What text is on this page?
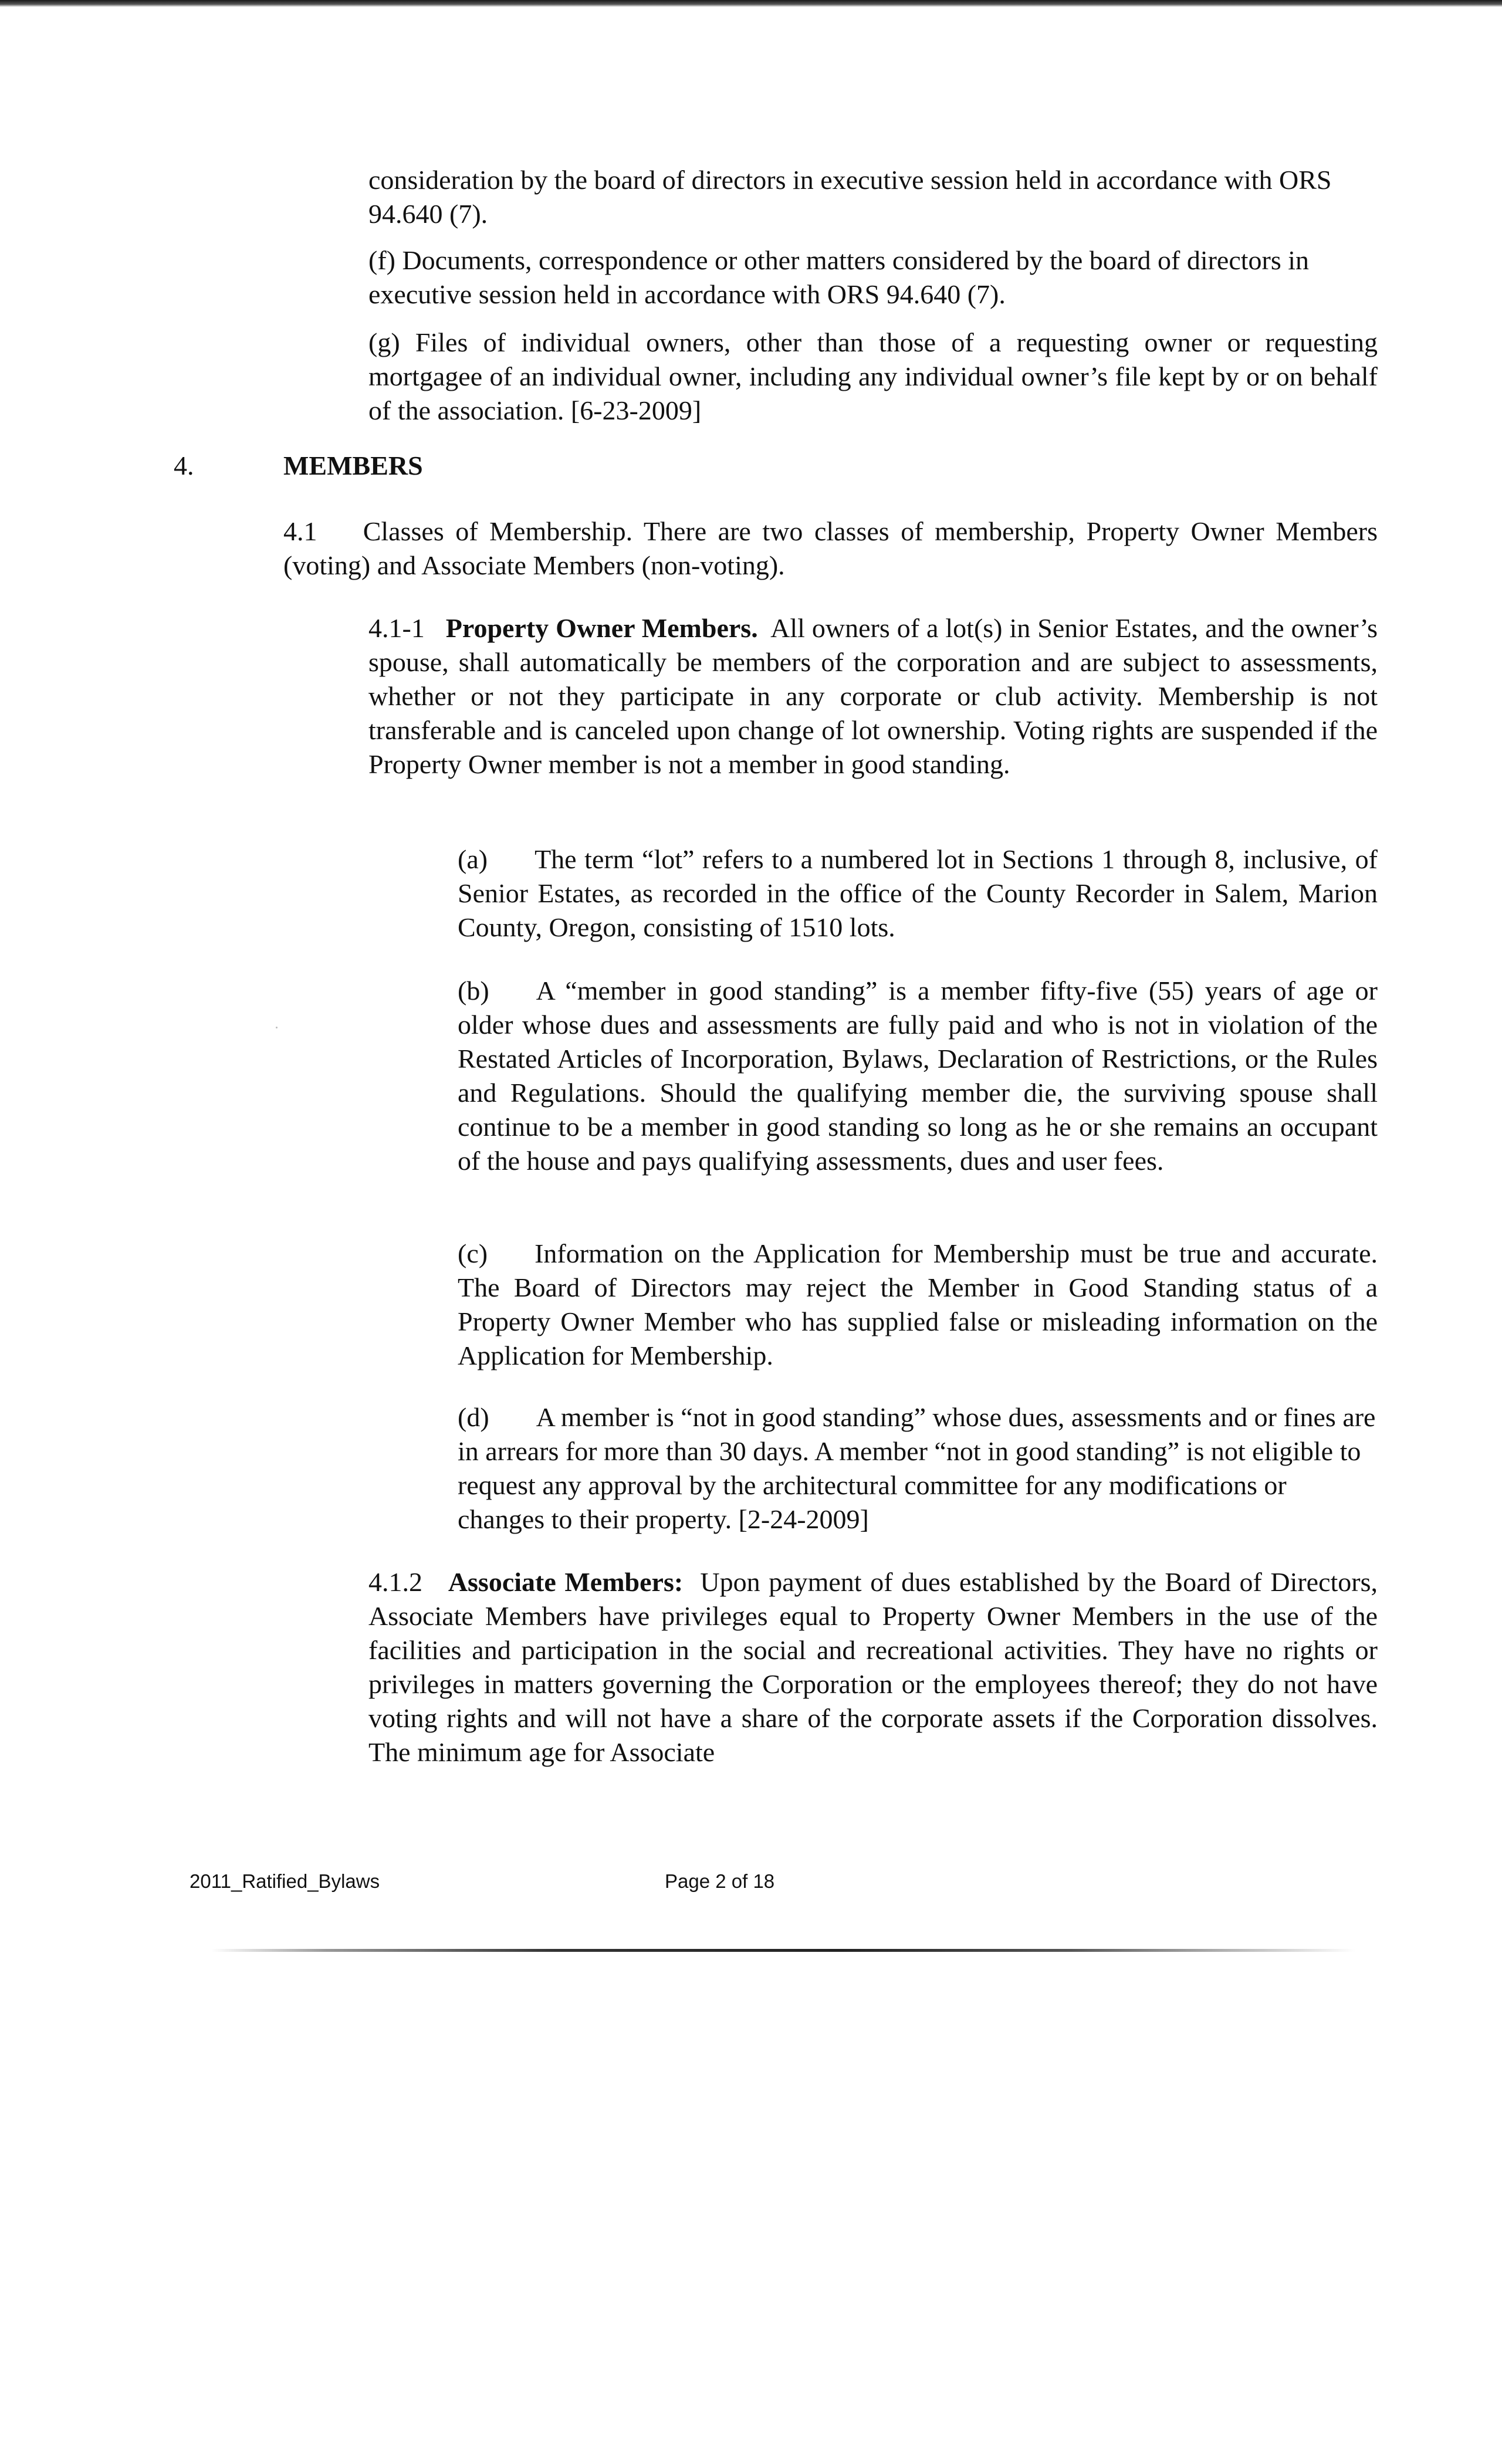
consideration by the board of directors in executive session held in accordance with ORS 94.640 (7).

(f) Documents, correspondence or other matters considered by the board of directors in executive session held in accordance with ORS 94.640 (7).

(g) Files of individual owners, other than those of a requesting owner or requesting mortgagee of an individual owner, including any individual owner’s file kept by or on behalf of the association. [6-23-2009]

4.	MEMBERS

4.1    Classes of Membership. There are two classes of membership, Property Owner Members (voting) and Associate Members (non-voting).

4.1-1 Property Owner Members. All owners of a lot(s) in Senior Estates, and the owner’s spouse, shall automatically be members of the corporation and are subject to assessments, whether or not they participate in any corporate or club activity. Membership is not transferable and is canceled upon change of lot ownership. Voting rights are suspended if the Property Owner member is not a member in good standing.

(a) The term “lot” refers to a numbered lot in Sections 1 through 8, inclusive, of Senior Estates, as recorded in the office of the County Recorder in Salem, Marion County, Oregon, consisting of 1510 lots.

(b) A “member in good standing” is a member fifty-five (55) years of age or older whose dues and assessments are fully paid and who is not in violation of the Restated Articles of Incorporation, Bylaws, Declaration of Restrictions, or the Rules and Regulations. Should the qualifying member die, the surviving spouse shall continue to be a member in good standing so long as he or she remains an occupant of the house and pays qualifying assessments, dues and user fees.

(c) Information on the Application for Membership must be true and accurate. The Board of Directors may reject the Member in Good Standing status of a Property Owner Member who has supplied false or misleading information on the Application for Membership.

(d) A member is “not in good standing” whose dues, assessments and or fines are in arrears for more than 30 days. A member “not in good standing” is not eligible to request any approval by the architectural committee for any modifications or changes to their property. [2-24-2009]

4.1.2 Associate Members: Upon payment of dues established by the Board of Directors, Associate Members have privileges equal to Property Owner Members in the use of the facilities and participation in the social and recreational activities. They have no rights or privileges in matters governing the Corporation or the employees thereof; they do not have voting rights and will not have a share of the corporate assets if the Corporation dissolves. The minimum age for Associate

2011_Ratified_Bylaws	Page 2 of 18
